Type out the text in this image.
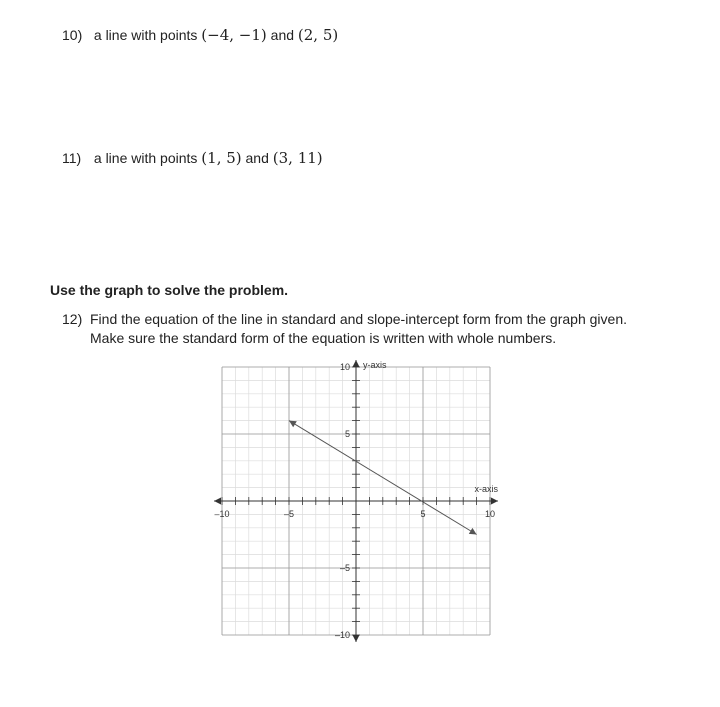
10) a line with points (−4, −1) and (2, 5)
11) a line with points (1, 5) and (3, 11)
Use the graph to solve the problem.
12) Find the equation of the line in standard and slope-intercept form from the graph given.
Make sure the standard form of the equation is written with whole numbers.
–10	–5	5	10
10
5
–5
–10
x-axis
y-axis
